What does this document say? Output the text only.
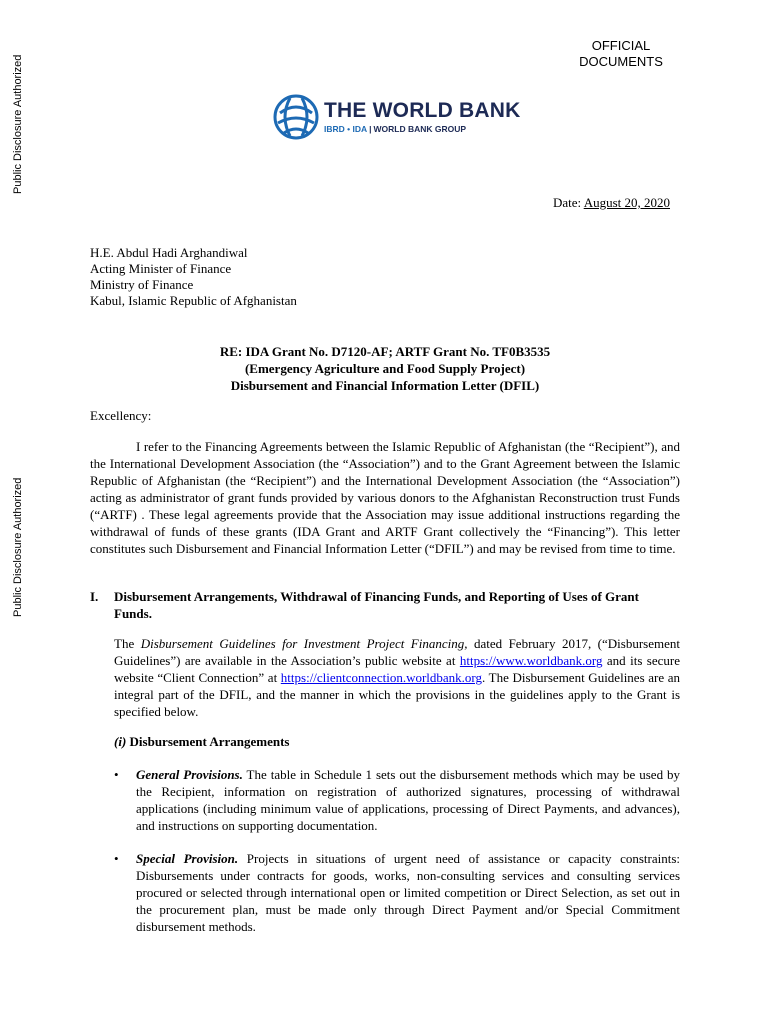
Public Disclosure Authorized
Public Disclosure Authorized
OFFICIAL
DOCUMENTS
THE WORLD BANK
IBRD • IDA | WORLD BANK GROUP
Date: August 20, 2020
H.E. Abdul Hadi Arghandiwal
Acting Minister of Finance
Ministry of Finance
Kabul, Islamic Republic of Afghanistan
RE: IDA Grant No. D7120-AF; ARTF Grant No. TF0B3535
(Emergency Agriculture and Food Supply Project)
Disbursement and Financial Information Letter (DFIL)
Excellency:
I refer to the Financing Agreements between the Islamic Republic of Afghanistan (the “Recipient”), and the International Development Association (the “Association”) and to the Grant Agreement between the Islamic Republic of Afghanistan (the “Recipient”) and the International Development Association (the “Association”) acting as administrator of grant funds provided by various donors to the Afghanistan Reconstruction trust Funds (“ARTF) . These legal agreements provide that the Association may issue additional instructions regarding the withdrawal of funds of these grants (IDA Grant and ARTF Grant collectively the “Financing”). This letter constitutes such Disbursement and Financial Information Letter (“DFIL”) and may be revised from time to time.
I. Disbursement Arrangements, Withdrawal of Financing Funds, and Reporting of Uses of Grant Funds.
The Disbursement Guidelines for Investment Project Financing, dated February 2017, (“Disbursement Guidelines”) are available in the Association’s public website at https://www.worldbank.org and its secure website “Client Connection” at https://clientconnection.worldbank.org. The Disbursement Guidelines are an integral part of the DFIL, and the manner in which the provisions in the guidelines apply to the Grant is specified below.
(i) Disbursement Arrangements
• General Provisions. The table in Schedule 1 sets out the disbursement methods which may be used by the Recipient, information on registration of authorized signatures, processing of withdrawal applications (including minimum value of applications, processing of Direct Payments, and advances), and instructions on supporting documentation.
• Special Provision. Projects in situations of urgent need of assistance or capacity constraints: Disbursements under contracts for goods, works, non-consulting services and consulting services procured or selected through international open or limited competition or Direct Selection, as set out in the procurement plan, must be made only through Direct Payment and/or Special Commitment disbursement methods.
